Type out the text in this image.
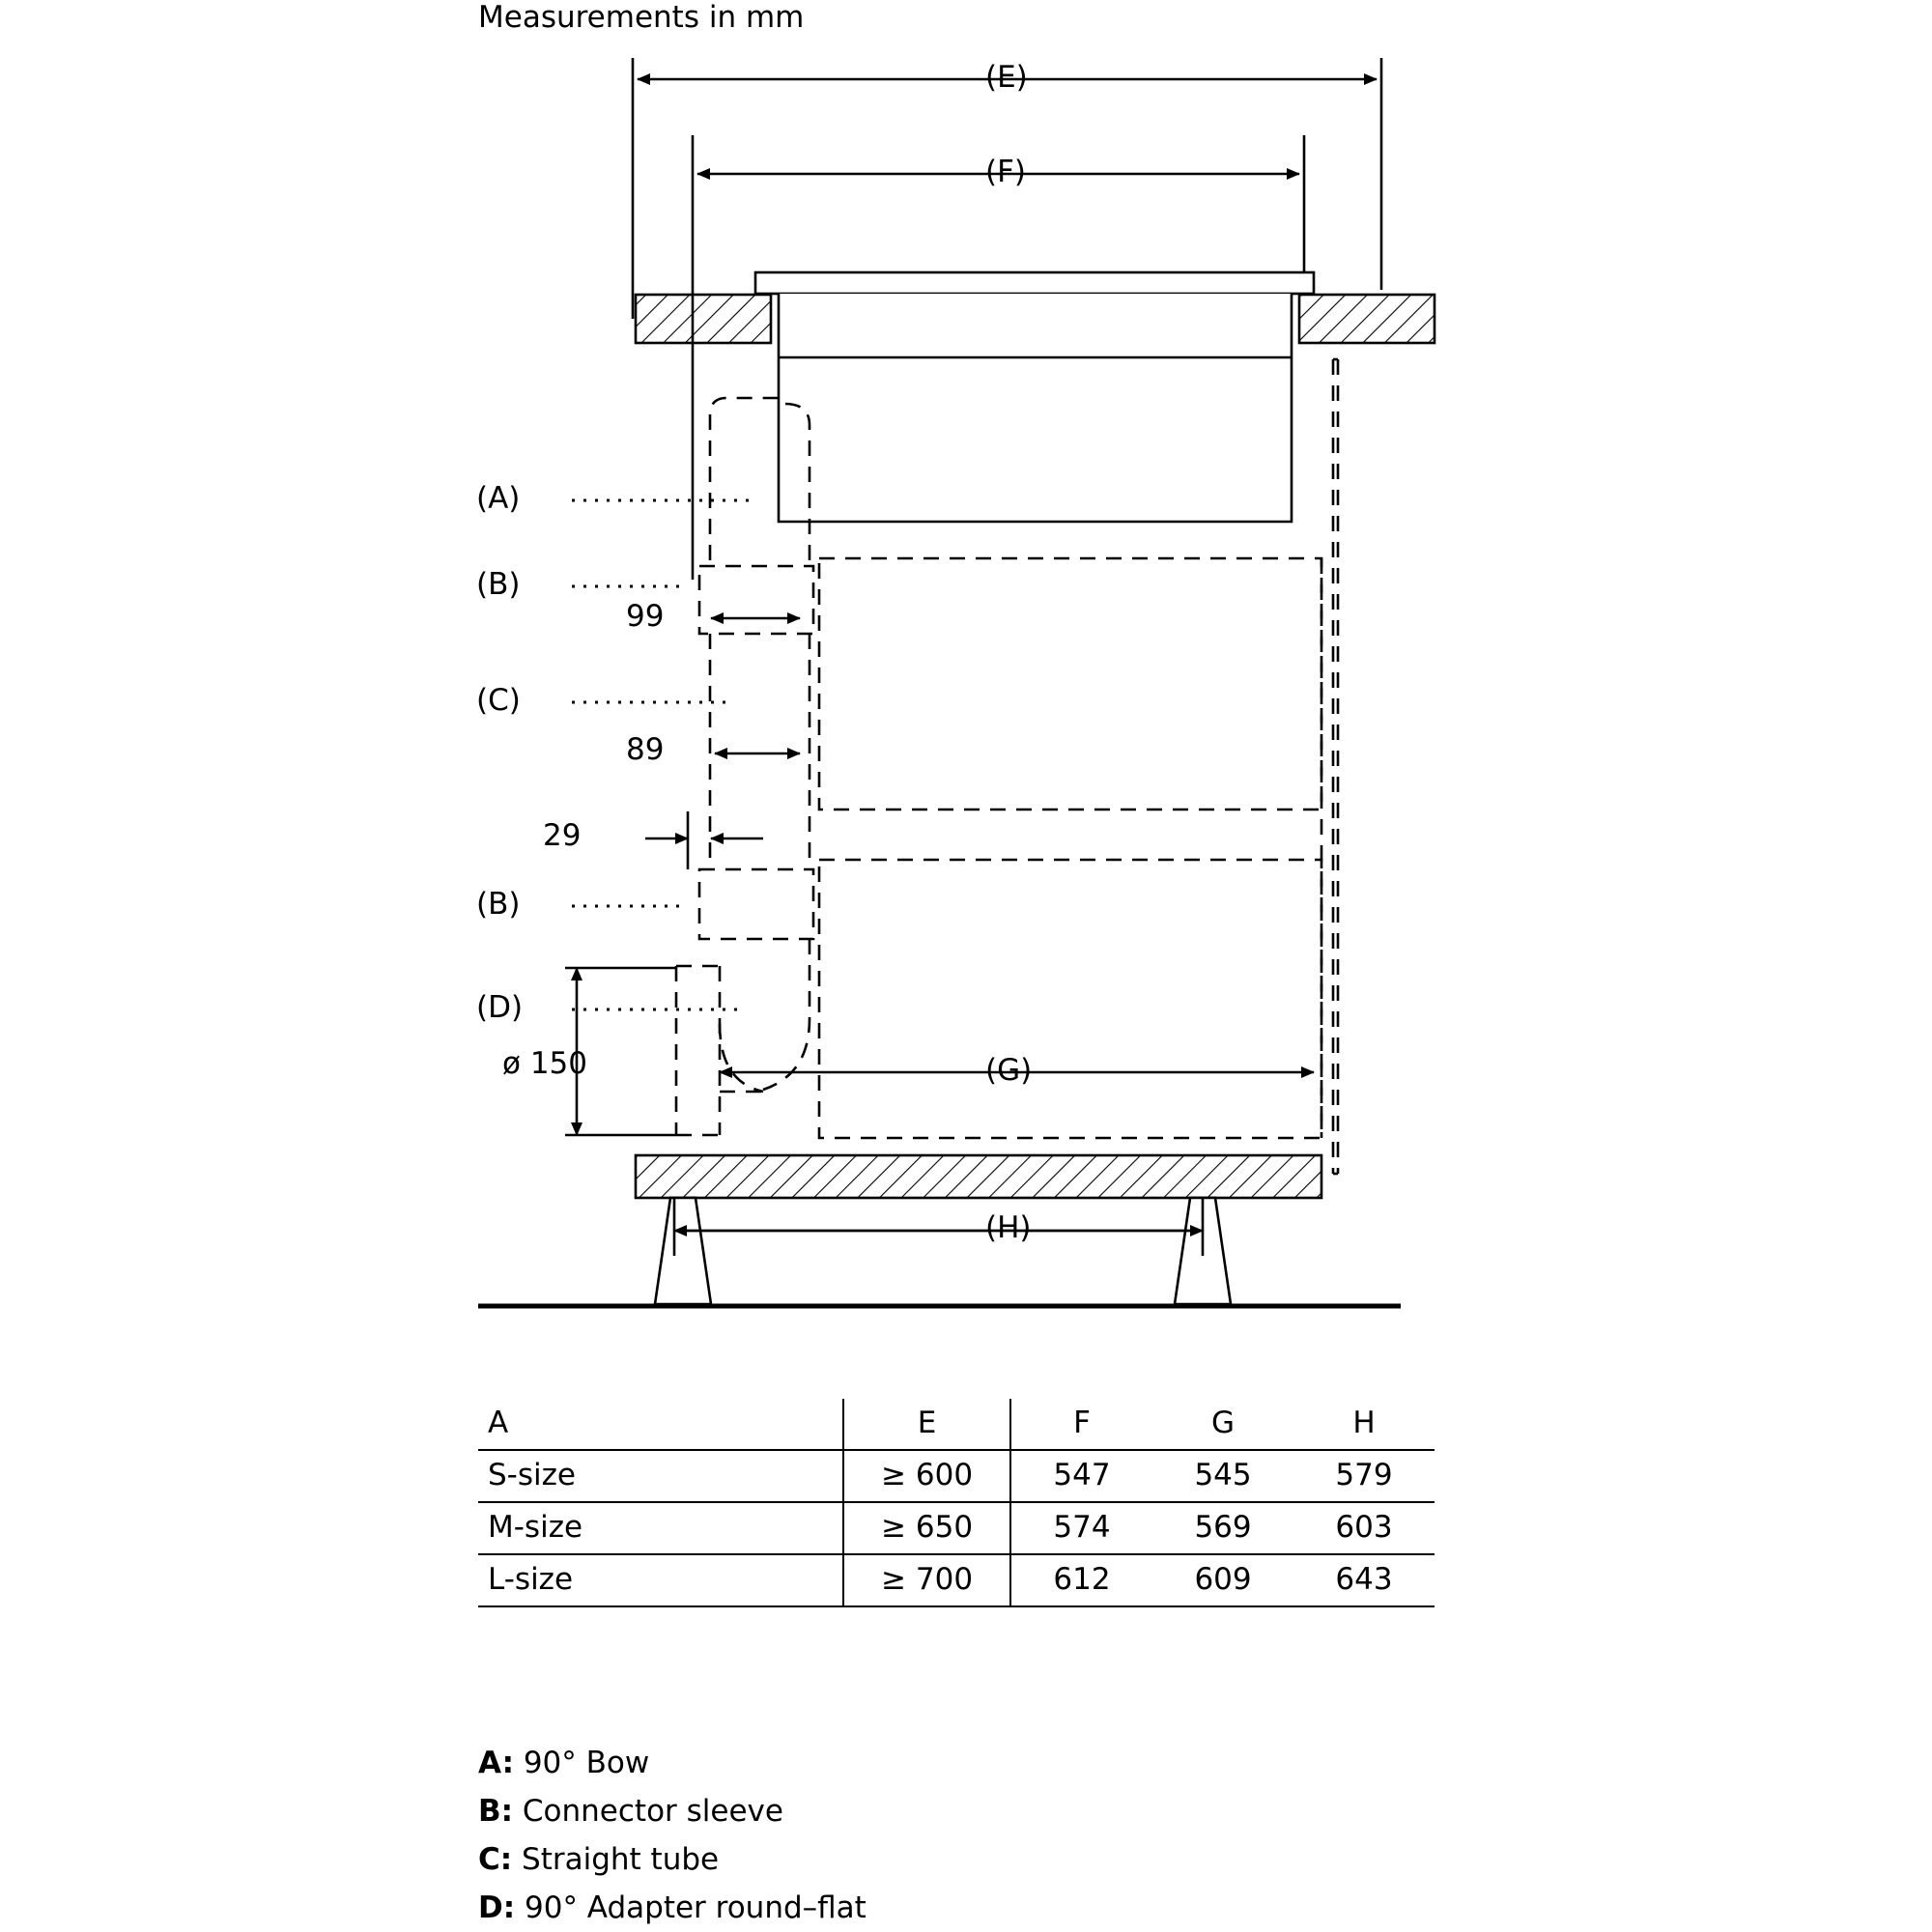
Measurements in mm
(E)
(F)
(A)
(B)
99
(C)
89
29
(B)
(D)
ø 150	(G)
(H)
A	E	F	G	H
S-size	≥ 600	547	545	579
M-size	≥ 650	574	569	603
L-size	≥ 700	612	609	643
A: 90° Bow
B: Connector sleeve
C: Straight tube
D: 90° Adapter round–flat
